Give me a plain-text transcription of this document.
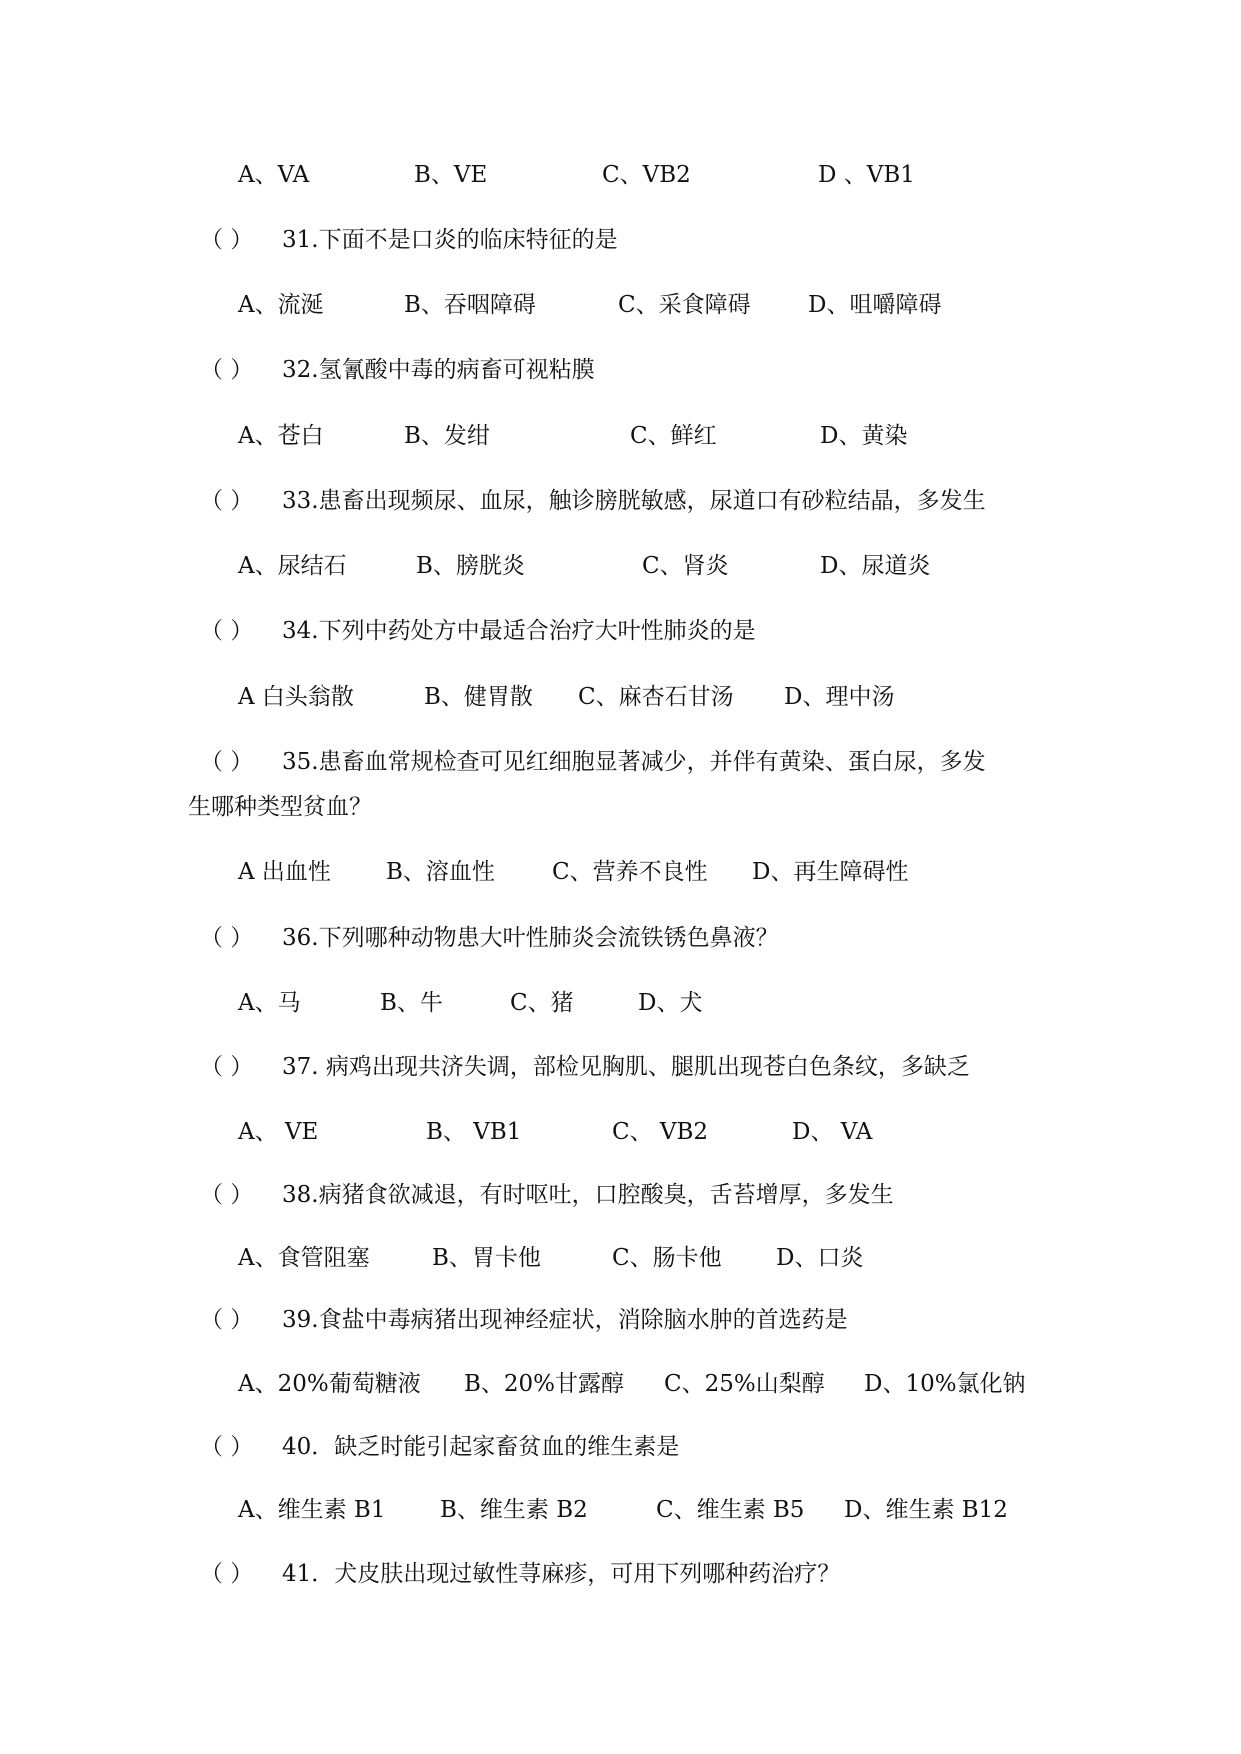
A、VA	B、VE	C、VB2	D 、VB1
（ ） 31.下面不是口炎的临床特征的是
A、流涎	B、吞咽障碍	C、采食障碍 D、咀嚼障碍
（ ） 32.氢氰酸中毒的病畜可视粘膜
A、苍白	B、发绀	C、鲜红	D、黄染
（ ） 33.患畜出现频尿、血尿，触诊膀胱敏感，尿道口有砂粒结晶，多发生
A、尿结石	B、膀胱炎	C、肾炎	D、尿道炎
（ ） 34.下列中药处方中最适合治疗大叶性肺炎的是
A 白头翁散	B、健胃散 C、麻杏石甘汤 D、理中汤
（ ） 35.患畜血常规检查可见红细胞显著减少，并伴有黄染、蛋白尿，多发
生哪种类型贫血？
A 出血性 B、溶血性 C、营养不良性 D、再生障碍性
（ ） 36.下列哪种动物患大叶性肺炎会流铁锈色鼻液？
A、马	B、牛	C、猪	D、犬
（ ） 37. 病鸡出现共济失调，部检见胸肌、腿肌出现苍白色条纹，多缺乏
A、 VE	B、 VB1	C、 VB2	D、 VA
（ ） 38.病猪食欲减退，有时呕吐，口腔酸臭，舌苔增厚，多发生
A、食管阻塞	B、胃卡他	C、肠卡他 D、口炎
（ ） 39.食盐中毒病猪出现神经症状，消除脑水肿的首选药是
A、20%葡萄糖液 B、20%甘露醇 C、25%山梨醇 D、10%氯化钠
（ ） 40．缺乏时能引起家畜贫血的维生素是
A、维生素 B1 B、维生素 B2	C、维生素 B5 D、维生素 B12
（ ） 41．犬皮肤出现过敏性荨麻疹，可用下列哪种药治疗？
